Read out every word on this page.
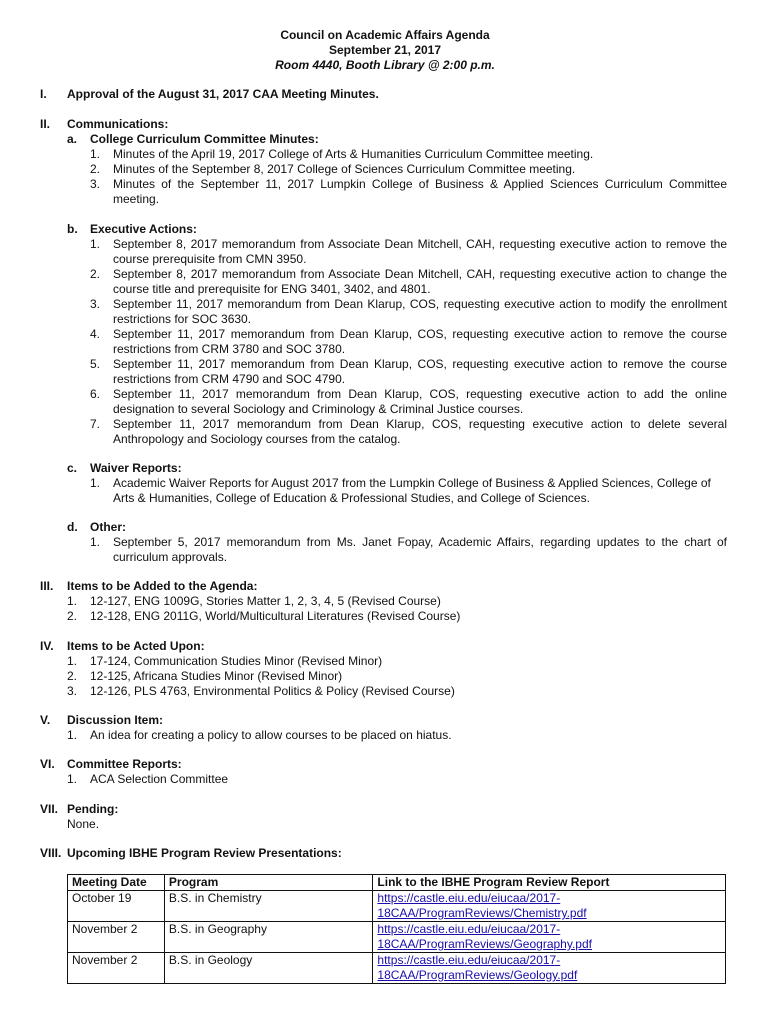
Council on Academic Affairs Agenda
September 21, 2017
Room 4440, Booth Library @ 2:00 p.m.
I. Approval of the August 31, 2017 CAA Meeting Minutes.
II. Communications:
a. College Curriculum Committee Minutes:
1. Minutes of the April 19, 2017 College of Arts & Humanities Curriculum Committee meeting.
2. Minutes of the September 8, 2017 College of Sciences Curriculum Committee meeting.
3. Minutes of the September 11, 2017 Lumpkin College of Business & Applied Sciences Curriculum Committee meeting.
b. Executive Actions:
1. September 8, 2017 memorandum from Associate Dean Mitchell, CAH, requesting executive action to remove the course prerequisite from CMN 3950.
2. September 8, 2017 memorandum from Associate Dean Mitchell, CAH, requesting executive action to change the course title and prerequisite for ENG 3401, 3402, and 4801.
3. September 11, 2017 memorandum from Dean Klarup, COS, requesting executive action to modify the enrollment restrictions for SOC 3630.
4. September 11, 2017 memorandum from Dean Klarup, COS, requesting executive action to remove the course restrictions from CRM 3780 and SOC 3780.
5. September 11, 2017 memorandum from Dean Klarup, COS, requesting executive action to remove the course restrictions from CRM 4790 and SOC 4790.
6. September 11, 2017 memorandum from Dean Klarup, COS, requesting executive action to add the online designation to several Sociology and Criminology & Criminal Justice courses.
7. September 11, 2017 memorandum from Dean Klarup, COS, requesting executive action to delete several Anthropology and Sociology courses from the catalog.
c. Waiver Reports:
1. Academic Waiver Reports for August 2017 from the Lumpkin College of Business & Applied Sciences, College of Arts & Humanities, College of Education & Professional Studies, and College of Sciences.
d. Other:
1. September 5, 2017 memorandum from Ms. Janet Fopay, Academic Affairs, regarding updates to the chart of curriculum approvals.
III. Items to be Added to the Agenda:
1. 12-127, ENG 1009G, Stories Matter 1, 2, 3, 4, 5 (Revised Course)
2. 12-128, ENG 2011G, World/Multicultural Literatures (Revised Course)
IV. Items to be Acted Upon:
1. 17-124, Communication Studies Minor (Revised Minor)
2. 12-125, Africana Studies Minor (Revised Minor)
3. 12-126, PLS 4763, Environmental Politics & Policy (Revised Course)
V. Discussion Item:
1. An idea for creating a policy to allow courses to be placed on hiatus.
VI. Committee Reports:
1. ACA Selection Committee
VII. Pending:
None.
VIII. Upcoming IBHE Program Review Presentations:
Meeting Date	Program	Link to the IBHE Program Review Report
October 19	B.S. in Chemistry	https://castle.eiu.edu/eiucaa/2017-
18CAA/ProgramReviews/Chemistry.pdf
November 2	B.S. in Geography	https://castle.eiu.edu/eiucaa/2017-
18CAA/ProgramReviews/Geography.pdf
November 2	B.S. in Geology	https://castle.eiu.edu/eiucaa/2017-
18CAA/ProgramReviews/Geology.pdf
